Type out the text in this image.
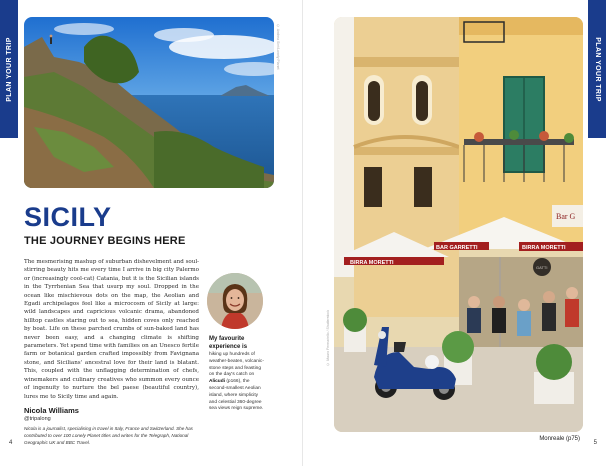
PLAN YOUR TRIP	PLAN YOUR TRIP
© Andrea Sirri/Lonely Planet
SICILY
THE JOURNEY BEGINS HERE
The mesmerising mashup of suburban dishevelment and soul-stirring beauty hits me every time I arrive in big city Palermo or (increasingly cool-cat) Catania, but it is the Sicilian islands in the Tyrrhenian Sea that usurp my soul. Dropped in the ocean like mischievous dots on the map, the Aeolian and Egadi archipelagos feel like a microcosm of Sicily at large: wild landscapes and capricious volcanic drama, abandoned hilltop castles staring out to sea, hidden coves only reached by boat. Life on these parched crumbs of sun-baked land has never been easy, and a changing climate is shifting parameters. Yet spend time with families on an Unesco fertile farm or botanical garden crafted impossibly from Favignana stone, and Sicilians' ancestral love for their land is blatant. This, coupled with the unflagging determination of chefs, winemakers and culinary creatives who summon every ounce of ingenuity to nurture the bel paese (beautiful country), lures me to Sicily time and again.
Nicola Williams
@tripalong
Nicola is a journalist, specialising in travel in Italy, France and Switzerland. She has contributed to over 100 Lonely Planet titles and writes for the Telegraph, National Geographic UK and BBC Travel.
My favourite experience is
hiking up hundreds of weather-beaten, volcanic-stone steps and feasting on the day's catch on Alicudi (p166), the second-smallest Aeolian island, where simplicity and celestial 360-degree sea views reign supreme.
4	5
Bar G
BIRRA MORETTI
BAR GARRETTI	BIRRA MORETTI
GATTI
© Mauro Fermariello / Shutterstock
Monreale (p75)
